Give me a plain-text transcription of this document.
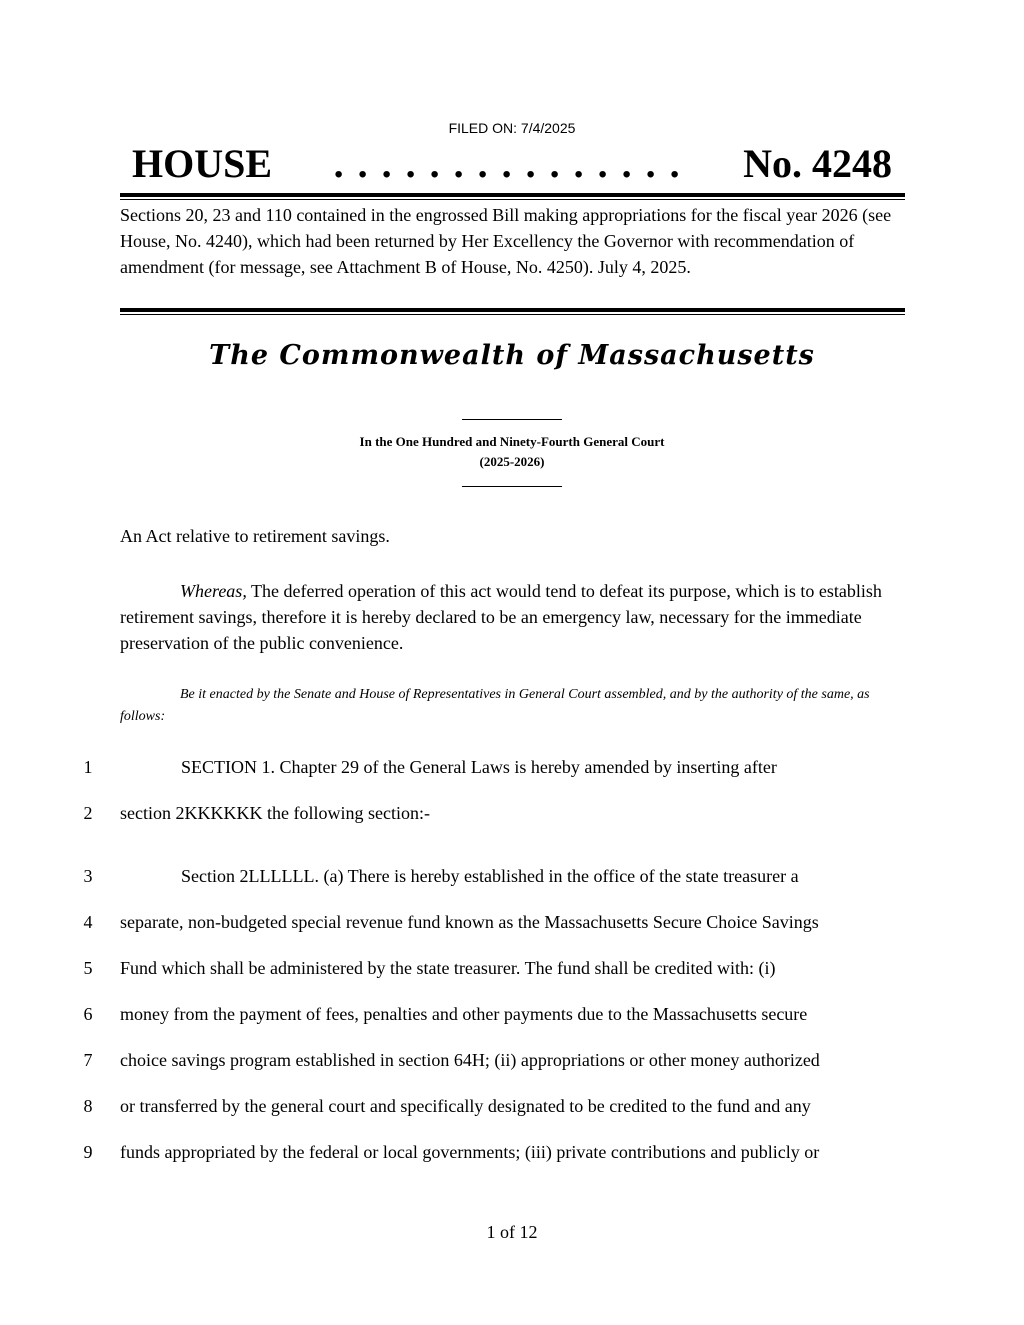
FILED ON: 7/4/2025
HOUSE	. . . . . . . . . . . . . . .	No. 4248
Sections 20, 23 and 110 contained in the engrossed Bill making appropriations for the fiscal year 2026 (see House, No. 4240), which had been returned by Her Excellency the Governor with recommendation of amendment (for message, see Attachment B of House, No. 4250). July 4, 2025.
The Commonwealth of Massachusetts
In the One Hundred and Ninety-Fourth General Court
(2025-2026)
An Act relative to retirement savings.
Whereas, The deferred operation of this act would tend to defeat its purpose, which is to establish retirement savings, therefore it is hereby declared to be an emergency law, necessary for the immediate preservation of the public convenience.
Be it enacted by the Senate and House of Representatives in General Court assembled, and by the authority of the same, as follows:
1	SECTION 1. Chapter 29 of the General Laws is hereby amended by inserting after
2	section 2KKKKKK the following section:-
3	Section 2LLLLLL. (a) There is hereby established in the office of the state treasurer a
4	separate, non-budgeted special revenue fund known as the Massachusetts Secure Choice Savings
5	Fund which shall be administered by the state treasurer. The fund shall be credited with: (i)
6	money from the payment of fees, penalties and other payments due to the Massachusetts secure
7	choice savings program established in section 64H; (ii) appropriations or other money authorized
8	or transferred by the general court and specifically designated to be credited to the fund and any
9	funds appropriated by the federal or local governments; (iii) private contributions and publicly or
1 of 12
